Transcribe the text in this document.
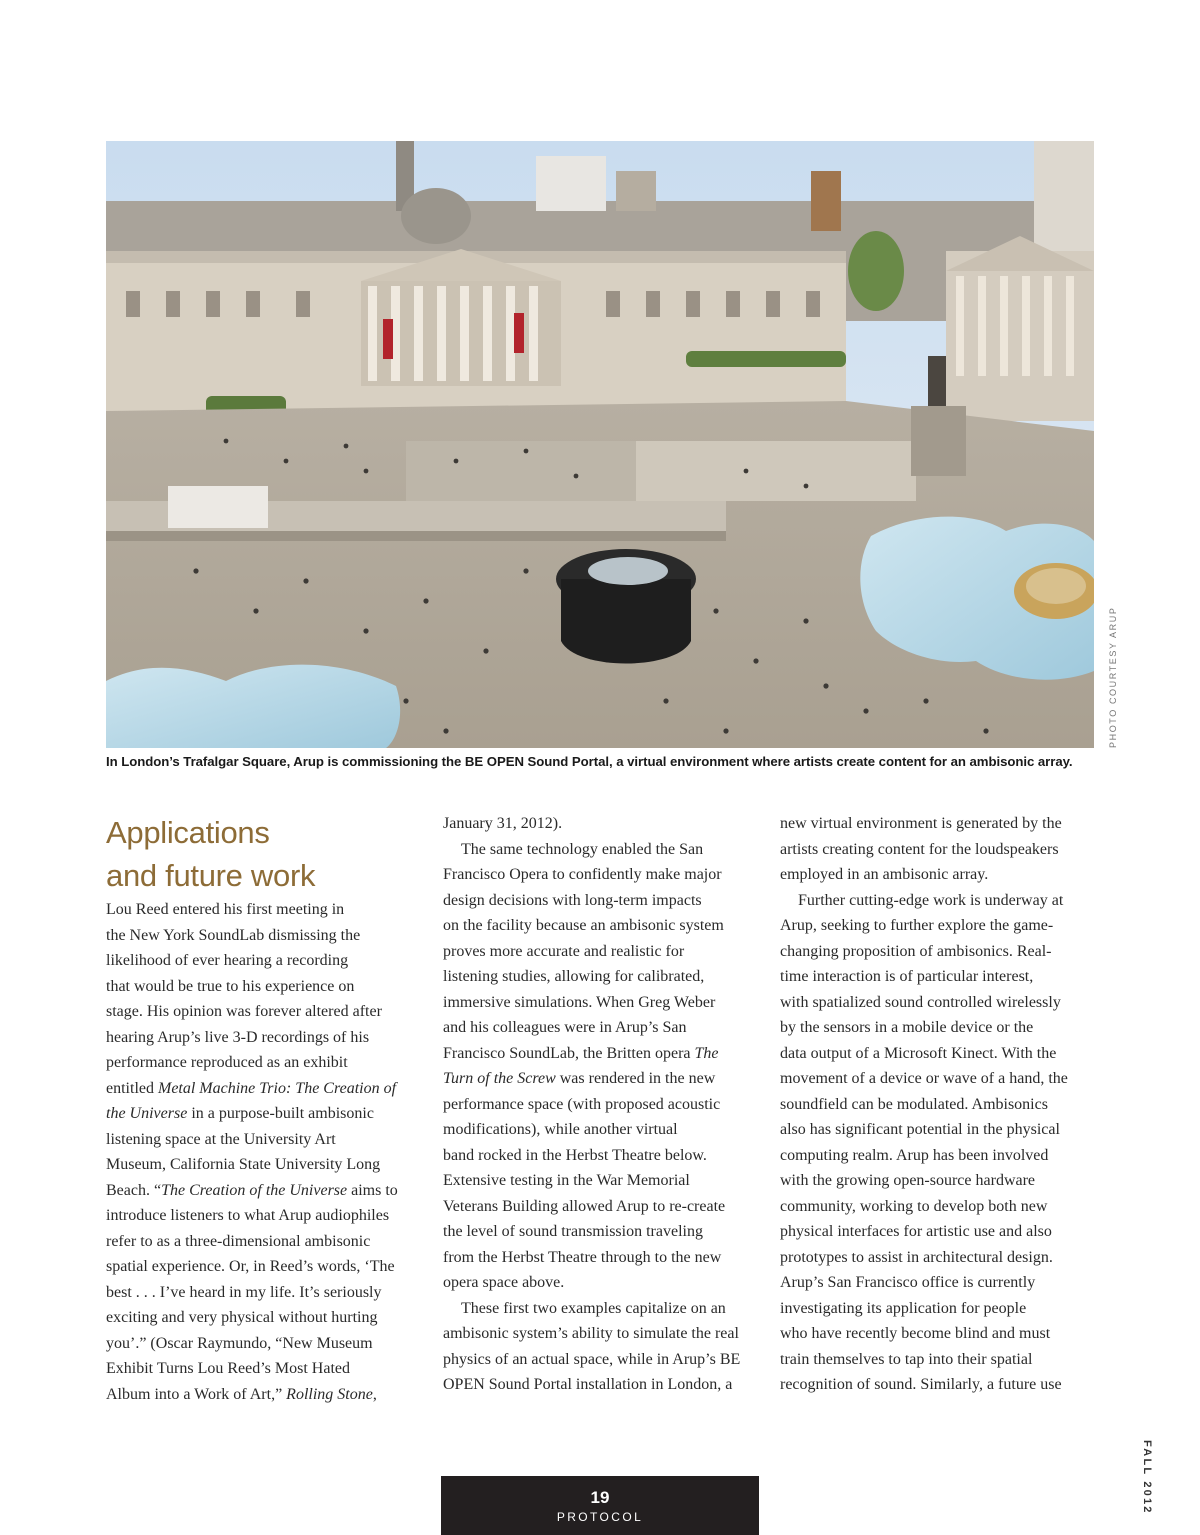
PHOTO COURTESY ARUP
In London’s Trafalgar Square, Arup is commissioning the BE OPEN Sound Portal, a virtual environment where artists create content for an ambisonic array.
Applications
and future work

Lou Reed entered his first meeting in
the New York SoundLab dismissing the
likelihood of ever hearing a recording
that would be true to his experience on
stage. His opinion was forever altered after
hearing Arup’s live 3-D recordings of his
performance reproduced as an exhibit
entitled Metal Machine Trio: The Creation of
the Universe in a purpose-built ambisonic
listening space at the University Art
Museum, California State University Long
Beach. “The Creation of the Universe aims to
introduce listeners to what Arup audiophiles
refer to as a three-dimensional ambisonic
spatial experience. Or, in Reed’s words, ‘The
best . . . I’ve heard in my life. It’s seriously
exciting and very physical without hurting
you’.” (Oscar Raymundo, “New Museum
Exhibit Turns Lou Reed’s Most Hated
Album into a Work of Art,” Rolling Stone,

January 31, 2012).

The same technology enabled the San
Francisco Opera to confidently make major
design decisions with long-term impacts
on the facility because an ambisonic system
proves more accurate and realistic for
listening studies, allowing for calibrated,
immersive simulations. When Greg Weber
and his colleagues were in Arup’s San
Francisco SoundLab, the Britten opera The
Turn of the Screw was rendered in the new
performance space (with proposed acoustic
modifications), while another virtual
band rocked in the Herbst Theatre below.
Extensive testing in the War Memorial
Veterans Building allowed Arup to re-create
the level of sound transmission traveling
from the Herbst Theatre through to the new
opera space above.

These first two examples capitalize on an
ambisonic system’s ability to simulate the real
physics of an actual space, while in Arup’s BE
OPEN Sound Portal installation in London, a

new virtual environment is generated by the
artists creating content for the loudspeakers
employed in an ambisonic array.

Further cutting-edge work is underway at
Arup, seeking to further explore the game-
changing proposition of ambisonics. Real-
time interaction is of particular interest,
with spatialized sound controlled wirelessly
by the sensors in a mobile device or the
data output of a Microsoft Kinect. With the
movement of a device or wave of a hand, the
soundfield can be modulated. Ambisonics
also has significant potential in the physical
computing realm. Arup has been involved
with the growing open-source hardware
community, working to develop both new
physical interfaces for artistic use and also
prototypes to assist in architectural design.
Arup’s San Francisco office is currently
investigating its application for people
who have recently become blind and must
train themselves to tap into their spatial
recognition of sound. Similarly, a future use

19
PROTOCOL
FALL 2012
